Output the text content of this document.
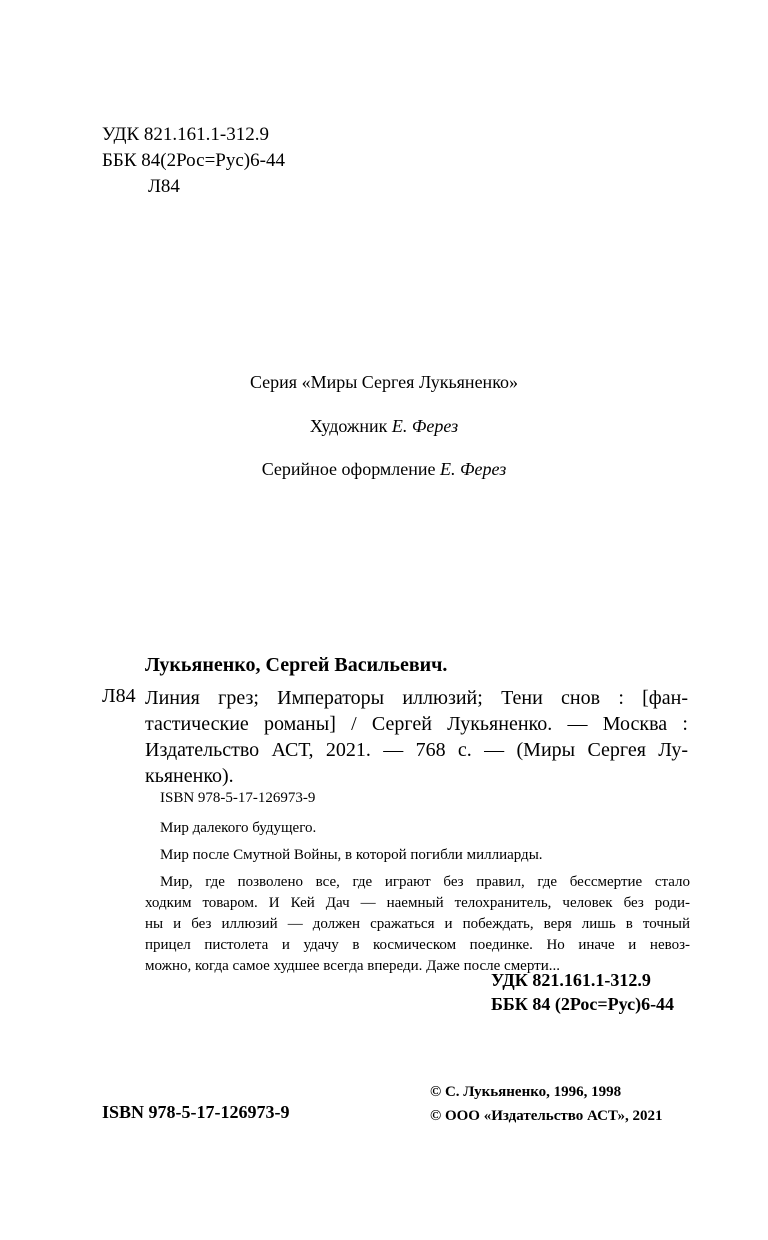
УДК 821.161.1-312.9
ББК 84(2Рос=Рус)6-44
Л84
Серия «Миры Сергея Лукьяненко»
Художник Е. Ферез
Серийное оформление Е. Ферез
Лукьяненко, Сергей Васильевич.
Л84 Линия грез; Императоры иллюзий; Тени снов : [фан-
тастические романы] / Сергей Лукьяненко. — Москва :
Издательство АСТ, 2021. — 768 с. — (Миры Сергея Лу-
кьяненко).
ISBN 978-5-17-126973-9

Мир далекого будущего.

Мир после Смутной Войны, в которой погибли миллиарды.

Мир, где позволено все, где играют без правил, где бессмертие стало
ходким товаром. И Кей Дач — наемный телохранитель, человек без роди-
ны и без иллюзий — должен сражаться и побеждать, веря лишь в точный
прицел пистолета и удачу в космическом поединке. Но иначе и невоз-
можно, когда самое худшее всегда впереди. Даже после смерти...

УДК 821.161.1-312.9
ББК 84 (2Рос=Рус)6-44
ISBN 978-5-17-126973-9
© С. Лукьяненко, 1996, 1998
© ООО «Издательство АСТ», 2021
